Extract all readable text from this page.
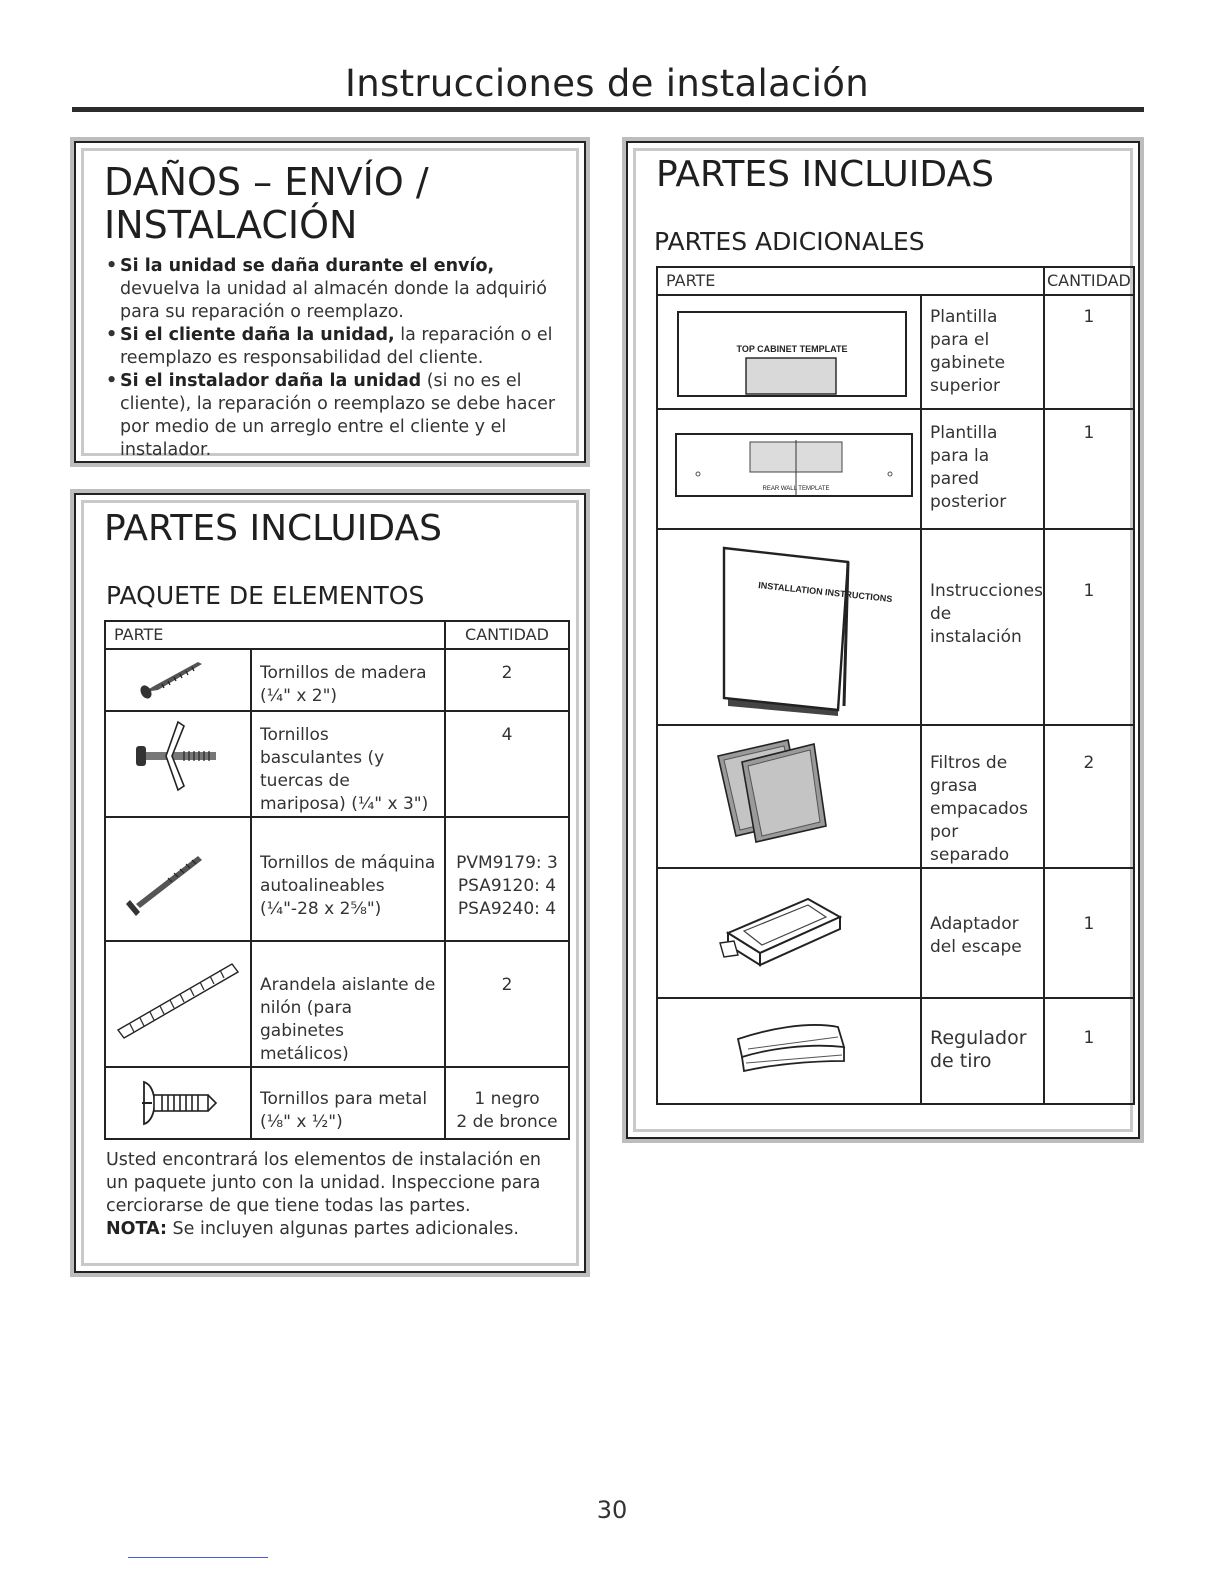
Instrucciones de instalación
DAÑOS – ENVÍO /
INSTALACIÓN
• Si la unidad se daña durante el envío, devuelva la unidad al almacén donde la adquirió para su reparación o reemplazo.
• Si el cliente daña la unidad, la reparación o el reemplazo es responsabilidad del cliente.
• Si el instalador daña la unidad (si no es el cliente), la reparación o reemplazo se debe hacer por medio de un arreglo entre el cliente y el instalador.
PARTES INCLUIDAS
PAQUETE DE ELEMENTOS
PARTE		CANTIDAD

	Tornillos de madera (¼" x 2")	2

	Tornillos basculantes (y tuercas de mariposa) (¼" x 3")	4

	Tornillos de máquina autoalineables (¼"-28 x 2⅝")	PVM9179: 3
PSA9120: 4
PSA9240: 4

	Arandela aislante de nilón (para gabinetes metálicos)	2

	Tornillos para metal (⅛" x ½")	1 negro
2 de bronce

Usted encontrará los elementos de instalación en un paquete junto con la unidad. Inspeccione para cerciorarse de que tiene todas las partes.
NOTA: Se incluyen algunas partes adicionales.

PARTES INCLUIDAS
PARTES ADICIONALES
PARTE		CANTIDAD

TOP CABINET TEMPLATE	Plantilla para el gabinete superior	1

REAR WALL TEMPLATE	Plantilla para la pared posterior	1

INSTALLATION INSTRUCTIONS	Instrucciones de instalación	1

	Filtros de grasa empacados por separado	2

	Adaptador del escape	1

	Regulador de tiro	1
30
